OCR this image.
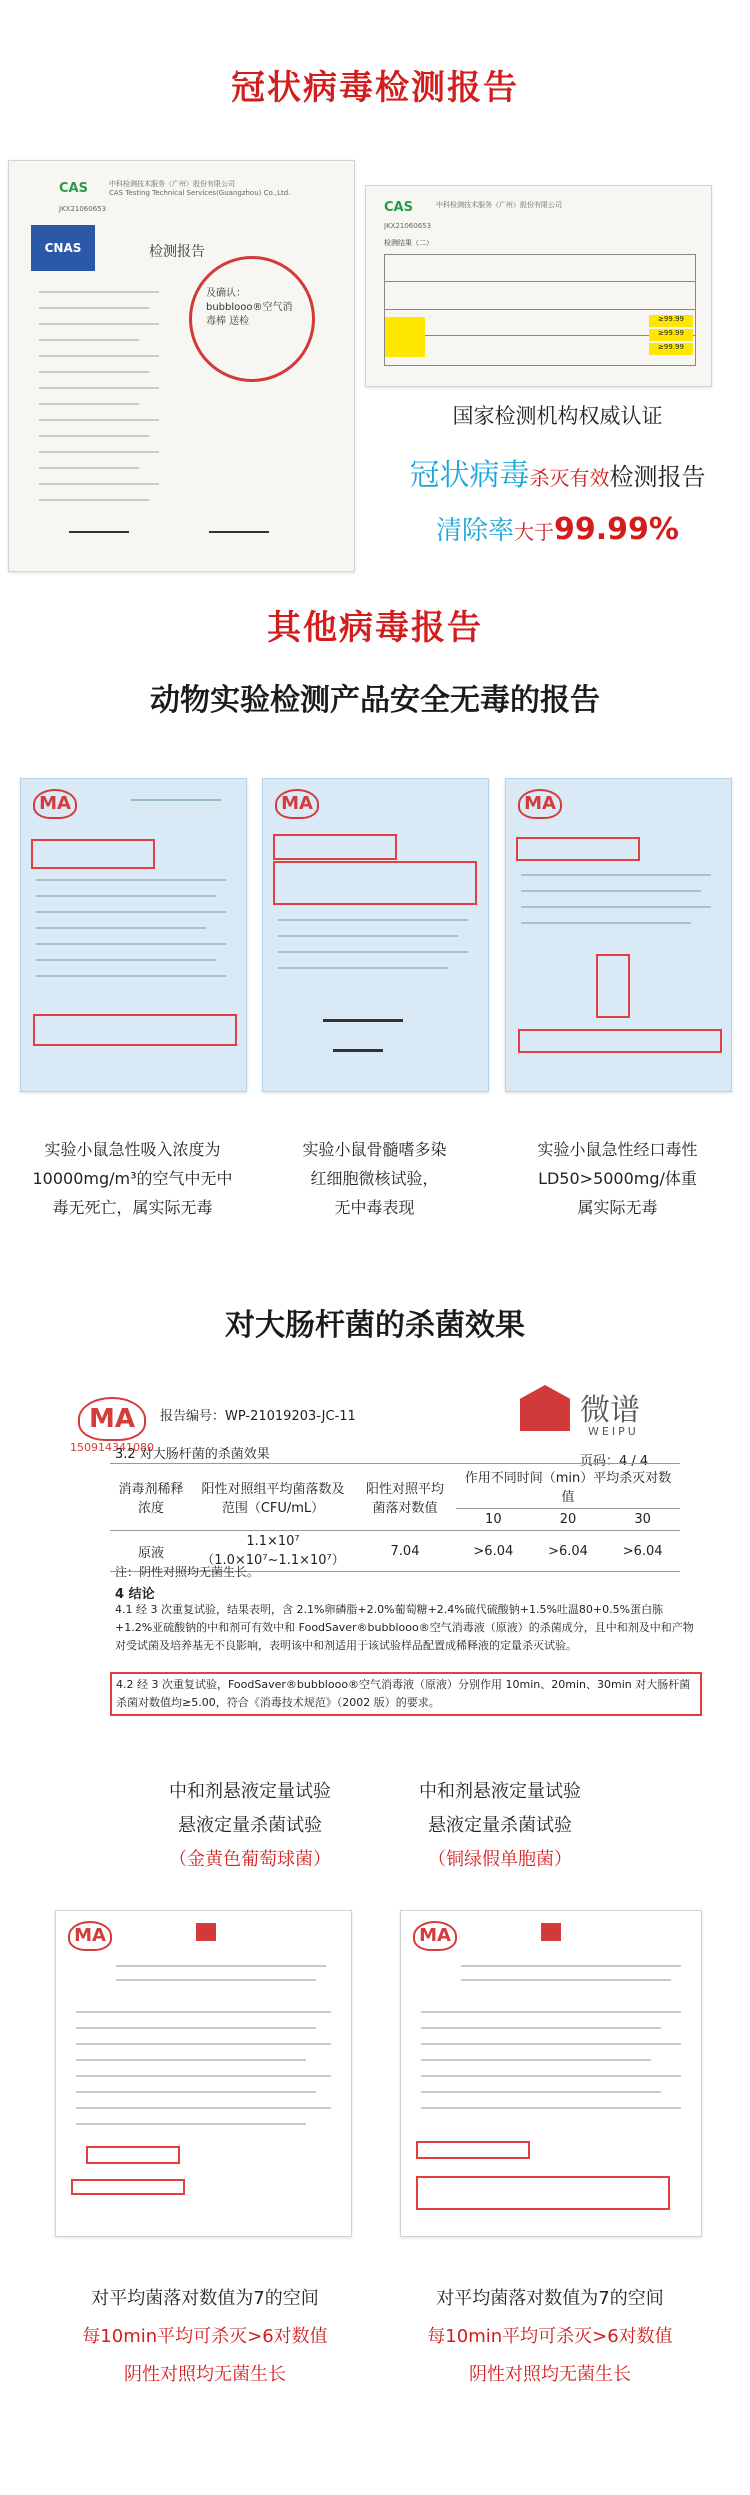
冠状病毒检测报告
CAS	中科检测技术服务（广州）股份有限公司
CAS Testing Technical Services(Guangzhou) Co.,Ltd.
JKX21060653
CNAS	检测报告
及确认：bubblooo®空气消毒棒 送检
CAS	中科检测技术服务（广州）股份有限公司
JKX21060653
检测结果（二）
≥99.99
≥99.99
≥99.99
国家检测机构权威认证
冠状病毒杀灭有效检测报告
清除率大于99.99%
其他病毒报告
动物实验检测产品安全无毒的报告
MA	MA	MA
实验小鼠急性吸入浓度为
10000mg/m³的空气中无中
毒无死亡，属实际无毒
实验小鼠骨髓嗜多染
红细胞微核试验，
无中毒表现
实验小鼠急性经口毒性
LD50>5000mg/体重
属实际无毒
对大肠杆菌的杀菌效果
MA
150914341080
微谱
WEIPU
报告编号：WP-21019203-JC-11
页码：4 / 4
3.2 对大肠杆菌的杀菌效果
消毒剂稀释浓度	阳性对照组平均菌落数及范围（CFU/mL）	阳性对照平均菌落对数值	作用不同时间（min）平均杀灭对数值		
			10	20	30
原液	1.1×10⁷（1.0×10⁷~1.1×10⁷）	7.04	>6.04	>6.04	>6.04
注：阴性对照均无菌生长。
4 结论
4.1 经 3 次重复试验，结果表明，含 2.1%卵磷脂+2.0%葡萄糖+2.4%硫代硫酸钠+1.5%吐温80+0.5%蛋白胨+1.2%亚硫酸钠的中和剂可有效中和 FoodSaver®bubblooo®空气消毒液（原液）的杀菌成分，且中和剂及中和产物对受试菌及培养基无不良影响，表明该中和剂适用于该试验样品配置成稀释液的定量杀灭试验。
4.2 经 3 次重复试验，FoodSaver®bubblooo®空气消毒液（原液）分别作用 10min、20min、30min 对大肠杆菌杀菌对数值均≥5.00，符合《消毒技术规范》（2002 版）的要求。
中和剂悬液定量试验
悬液定量杀菌试验
（金黄色葡萄球菌）
中和剂悬液定量试验
悬液定量杀菌试验
（铜绿假单胞菌）
MA	MA
对平均菌落对数值为7的空间
每10min平均可杀灭>6对数值
阴性对照均无菌生长
对平均菌落对数值为7的空间
每10min平均可杀灭>6对数值
阴性对照均无菌生长
